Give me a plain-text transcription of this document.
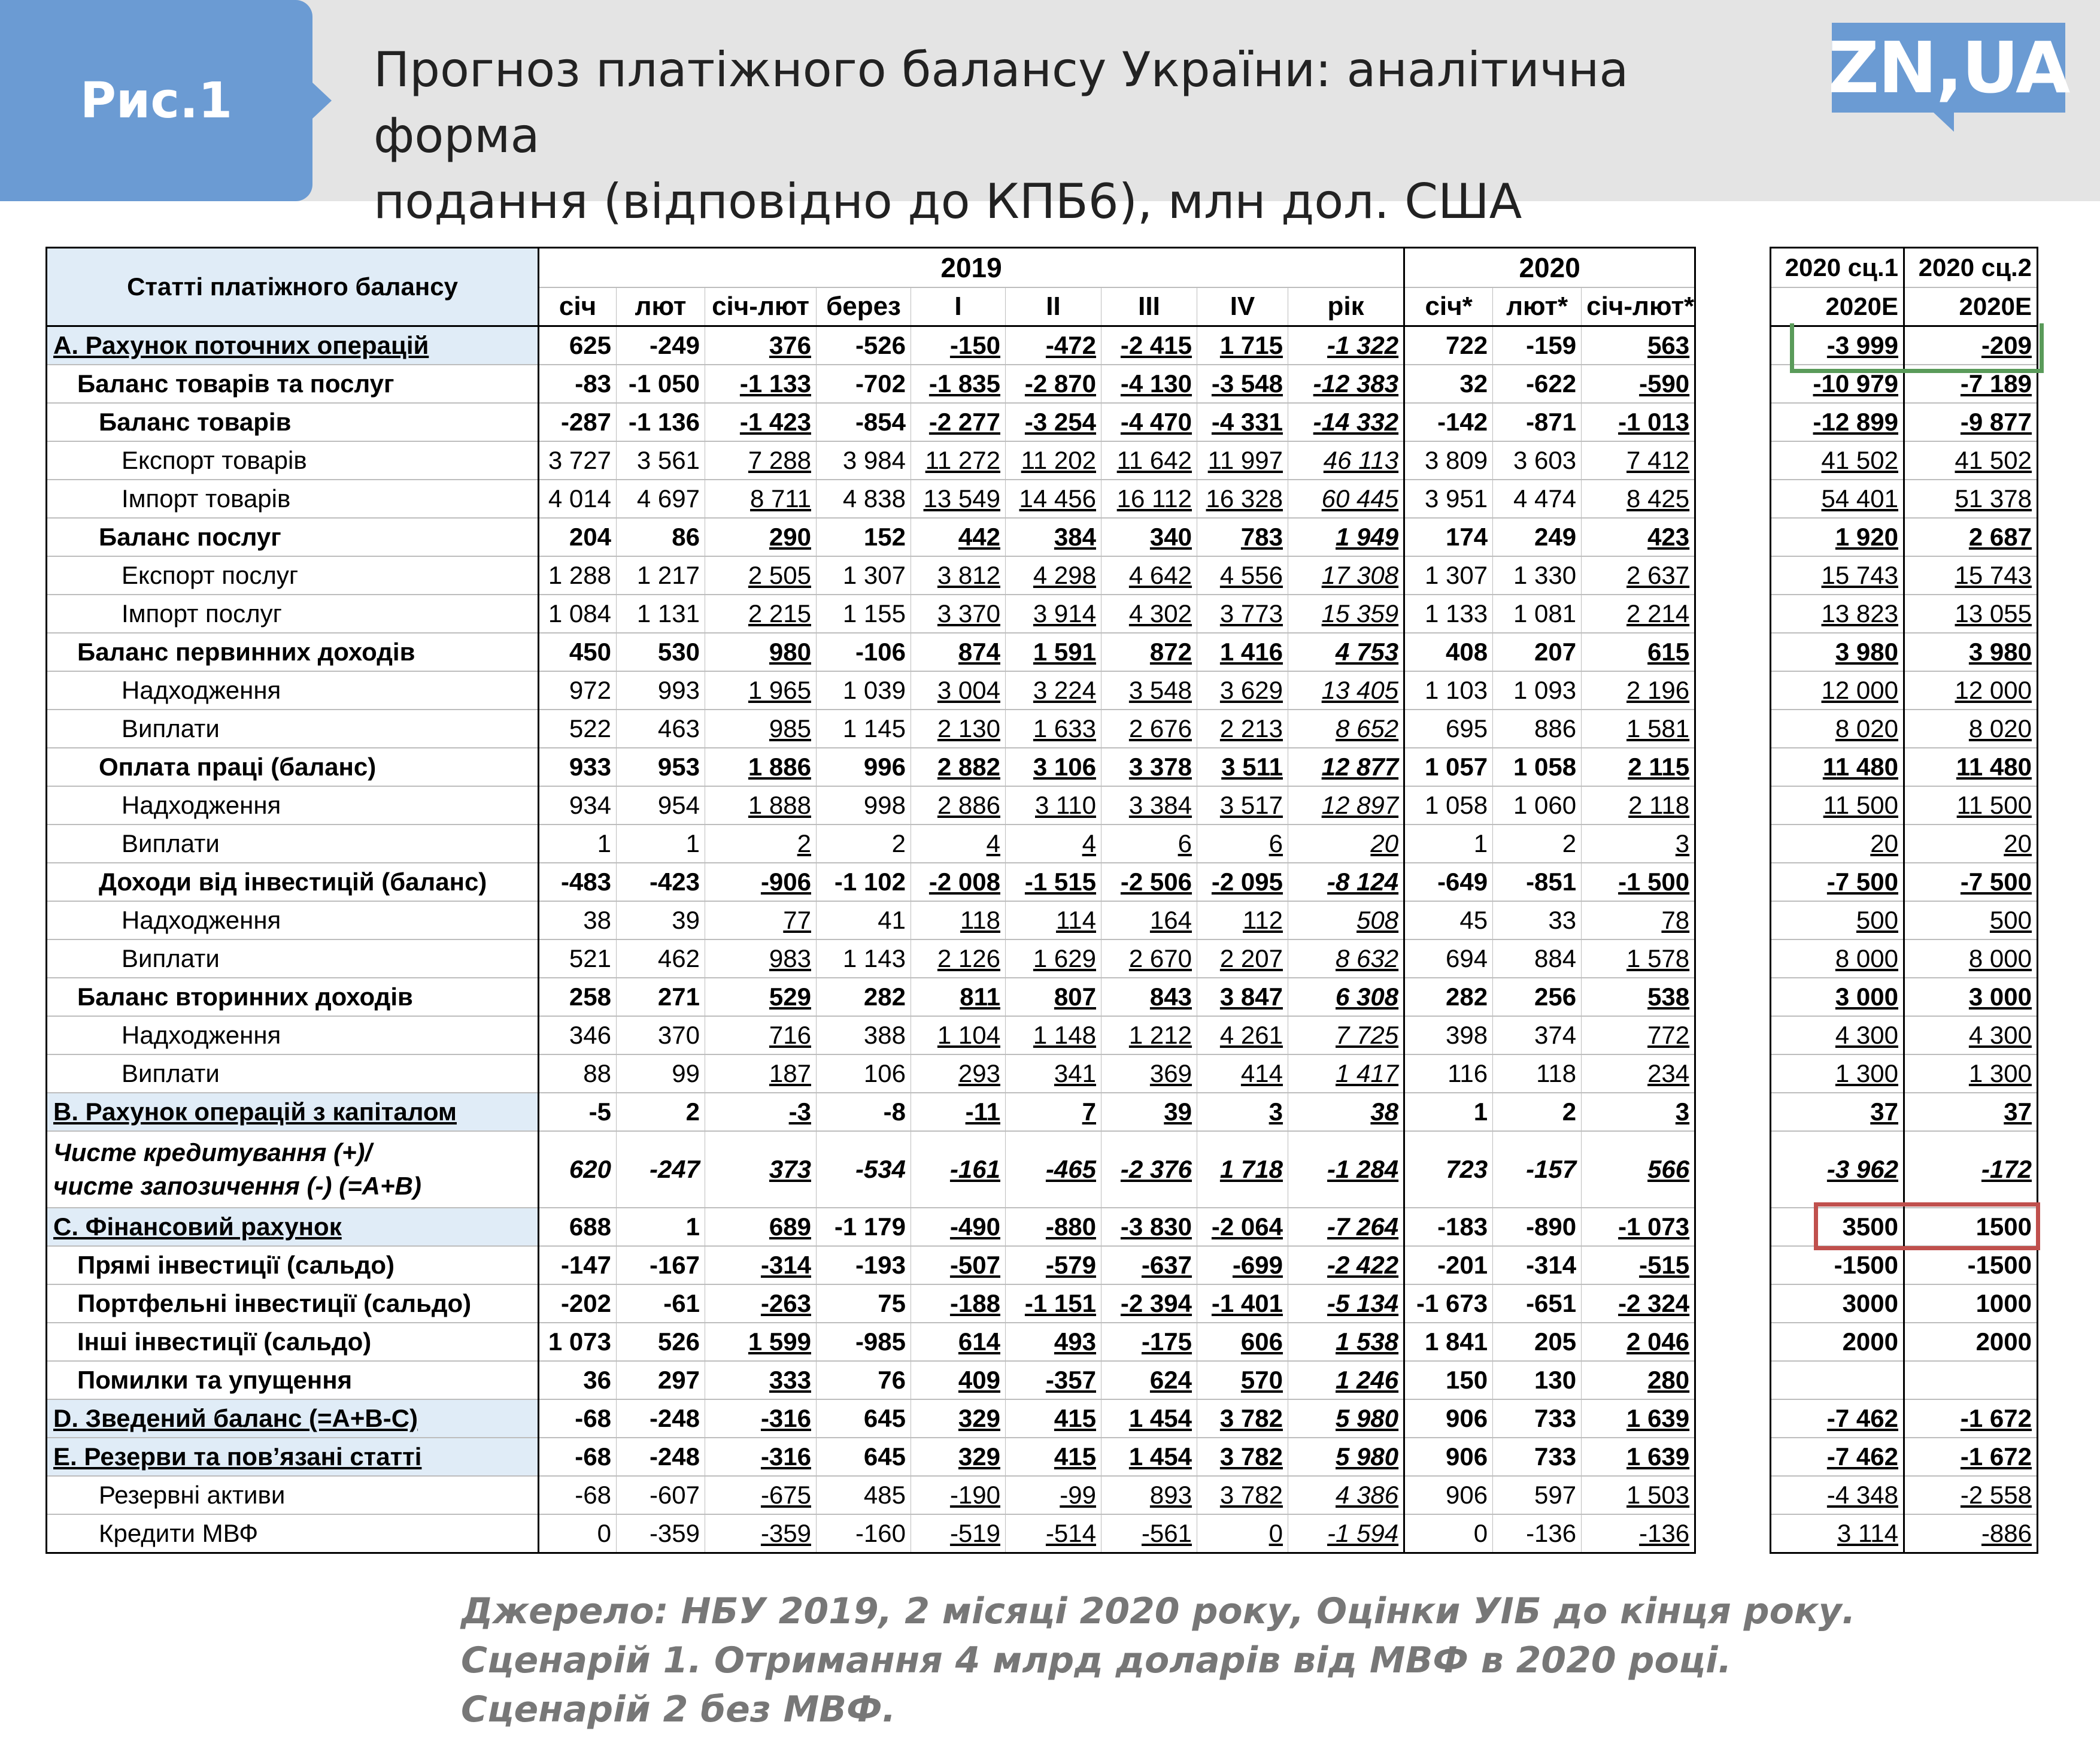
Рис.1
Прогноз платіжного балансу України: аналітична форма
подання (відповідно до КПБ6), млн дол. США
ZN,UA
Статті платіжного балансу	2019									2020		
	січ	лют	січ-лют	берез	I	II	III	IV	рік	січ*	лют*	січ-лют*
А. Рахунок поточних операцій	625	-249	376	-526	-150	-472	-2 415	1 715	-1 322	722	-159	563
Баланс товарів та послуг	-83	-1 050	-1 133	-702	-1 835	-2 870	-4 130	-3 548	-12 383	32	-622	-590
Баланс товарів	-287	-1 136	-1 423	-854	-2 277	-3 254	-4 470	-4 331	-14 332	-142	-871	-1 013
Експорт товарів	3 727	3 561	7 288	3 984	11 272	11 202	11 642	11 997	46 113	3 809	3 603	7 412
Імпорт товарів	4 014	4 697	8 711	4 838	13 549	14 456	16 112	16 328	60 445	3 951	4 474	8 425
Баланс послуг	204	86	290	152	442	384	340	783	1 949	174	249	423
Експорт послуг	1 288	1 217	2 505	1 307	3 812	4 298	4 642	4 556	17 308	1 307	1 330	2 637
Імпорт послуг	1 084	1 131	2 215	1 155	3 370	3 914	4 302	3 773	15 359	1 133	1 081	2 214
Баланс первинних доходів	450	530	980	-106	874	1 591	872	1 416	4 753	408	207	615
Надходження	972	993	1 965	1 039	3 004	3 224	3 548	3 629	13 405	1 103	1 093	2 196
Виплати	522	463	985	1 145	2 130	1 633	2 676	2 213	8 652	695	886	1 581
Оплата праці (баланс)	933	953	1 886	996	2 882	3 106	3 378	3 511	12 877	1 057	1 058	2 115
Надходження	934	954	1 888	998	2 886	3 110	3 384	3 517	12 897	1 058	1 060	2 118
Виплати	1	1	2	2	4	4	6	6	20	1	2	3
Доходи від інвестицій (баланс)	-483	-423	-906	-1 102	-2 008	-1 515	-2 506	-2 095	-8 124	-649	-851	-1 500
Надходження	38	39	77	41	118	114	164	112	508	45	33	78
Виплати	521	462	983	1 143	2 126	1 629	2 670	2 207	8 632	694	884	1 578
Баланс вторинних доходів	258	271	529	282	811	807	843	3 847	6 308	282	256	538
Надходження	346	370	716	388	1 104	1 148	1 212	4 261	7 725	398	374	772
Виплати	88	99	187	106	293	341	369	414	1 417	116	118	234
В. Рахунок операцій з капіталом	-5	2	-3	-8	-11	7	39	3	38	1	2	3

Чисте кредитування (+)/
чисте запозичення (-) (=А+В)	620	-247	373	-534	-161	-465	-2 376	1 718	-1 284	723	-157	566
С. Фінансовий рахунок	688	1	689	-1 179	-490	-880	-3 830	-2 064	-7 264	-183	-890	-1 073
Прямі інвестиції (сальдо)	-147	-167	-314	-193	-507	-579	-637	-699	-2 422	-201	-314	-515
Портфельні інвестиції (сальдо)	-202	-61	-263	75	-188	-1 151	-2 394	-1 401	-5 134	-1 673	-651	-2 324
Інші інвестиції (сальдо)	1 073	526	1 599	-985	614	493	-175	606	1 538	1 841	205	2 046
Помилки та упущення	36	297	333	76	409	-357	624	570	1 246	150	130	280
D. Зведений баланс (=А+В-С)	-68	-248	-316	645	329	415	1 454	3 782	5 980	906	733	1 639
Е. Резерви та пов’язані статті	-68	-248	-316	645	329	415	1 454	3 782	5 980	906	733	1 639
Резервні активи	-68	-607	-675	485	-190	-99	893	3 782	4 386	906	597	1 503
Кредити МВФ	0	-359	-359	-160	-519	-514	-561	0	-1 594	0	-136	-136
2020 сц.1	2020 сц.2
2020E	2020E
-3 999	-209
-10 979	-7 189
-12 899	-9 877
41 502	41 502
54 401	51 378
1 920	2 687
15 743	15 743
13 823	13 055
3 980	3 980
12 000	12 000
8 020	8 020
11 480	11 480
11 500	11 500
20	20
-7 500	-7 500
500	500
8 000	8 000
3 000	3 000
4 300	4 300
1 300	1 300
37	37
-3 962	-172
3500	1500
-1500	-1500
3000	1000
2000	2000

-7 462	-1 672
-7 462	-1 672
-4 348	-2 558
3 114	-886
Джерело: НБУ 2019, 2 місяці 2020 року, Оцінки УІБ до кінця року.
Сценарій 1. Отримання 4 млрд доларів від МВФ в 2020 році.
Сценарій 2 без МВФ.
